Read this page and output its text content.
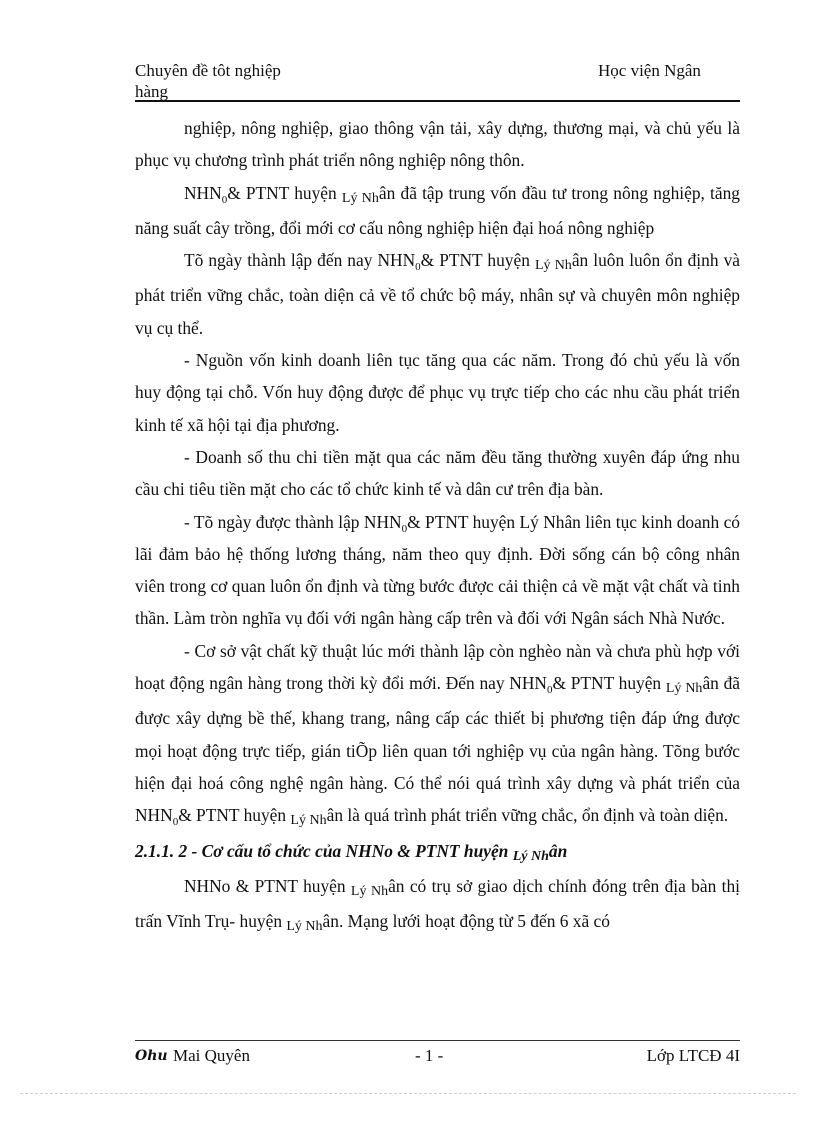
Chuyên đề tôt nghiệp
hàng
Học viện Ngân

nghiệp, nông nghiệp, giao thông vận tải, xây dựng, thương mại, và chủ yếu là phục vụ chương trình phát triển nông nghiệp nông thôn.

$NHN_0\&$ PTNT huyện Lý Nhân đã tập trung vốn đầu tư trong nông nghiệp, tăng năng suất cây trồng, đổi mới cơ cấu nông nghiệp hiện đại hoá nông nghiệp

Tõ ngày thành lập đến nay $NHN_0\&$ PTNT huyện Lý Nhân luôn luôn ổn định và phát triển vững chắc, toàn diện cả về tổ chức bộ máy, nhân sự và chuyên môn nghiệp vụ cụ thể.

- Nguồn vốn kinh doanh liên tục tăng qua các năm. Trong đó chủ yếu là vốn huy động tại chỗ. Vốn huy động được để phục vụ trực tiếp cho các nhu cầu phát triển kinh tế xã hội tại địa phương.

- Doanh số thu chi tiền mặt qua các năm đều tăng thường xuyên đáp ứng nhu cầu chi tiêu tiền mặt cho các tổ chức kinh tế và dân cư trên địa bàn.

- Tõ ngày được thành lập $NHN_0\&$ PTNT huyện Lý Nhân liên tục kinh doanh có lãi đảm bảo hệ thống lương tháng, năm theo quy định. Đời sống cán bộ công nhân viên trong cơ quan luôn ổn định và từng bước được cải thiện cả về mặt vật chất và tinh thần. Làm tròn nghĩa vụ đối với ngân hàng cấp trên và đối với Ngân sách Nhà Nước.

- Cơ sở vật chất kỹ thuật lúc mới thành lập còn nghèo nàn và chưa phù hợp với hoạt động ngân hàng trong thời kỳ đổi mới. Đến nay $NHN_0\&$ PTNT huyện Lý Nhân đã được xây dựng bề thế, khang trang, nâng cấp các thiết bị phương tiện đáp ứng được mọi hoạt động trực tiếp, gián tiÕp liên quan tới nghiệp vụ của ngân hàng. Tõng bước hiện đại hoá công nghệ ngân hàng. Có thể nói quá trình xây dựng và phát triển của $NHN_0\&$ PTNT huyện Lý Nhân là quá trình phát triển vững chắc, ổn định và toàn diện.

2.1.1. 2 - Cơ cấu tổ chức của NHNo & PTNT huyện Lý Nhân

NHNo & PTNT huyện Lý Nhân có trụ sở giao dịch chính đóng trên địa bàn thị trấn Vĩnh Trụ- huyện Lý Nhân. Mạng lưới hoạt động từ 5 đến 6 xã có

Ohu Mai Quyên	- 1 -	Lớp LTCĐ 4I
